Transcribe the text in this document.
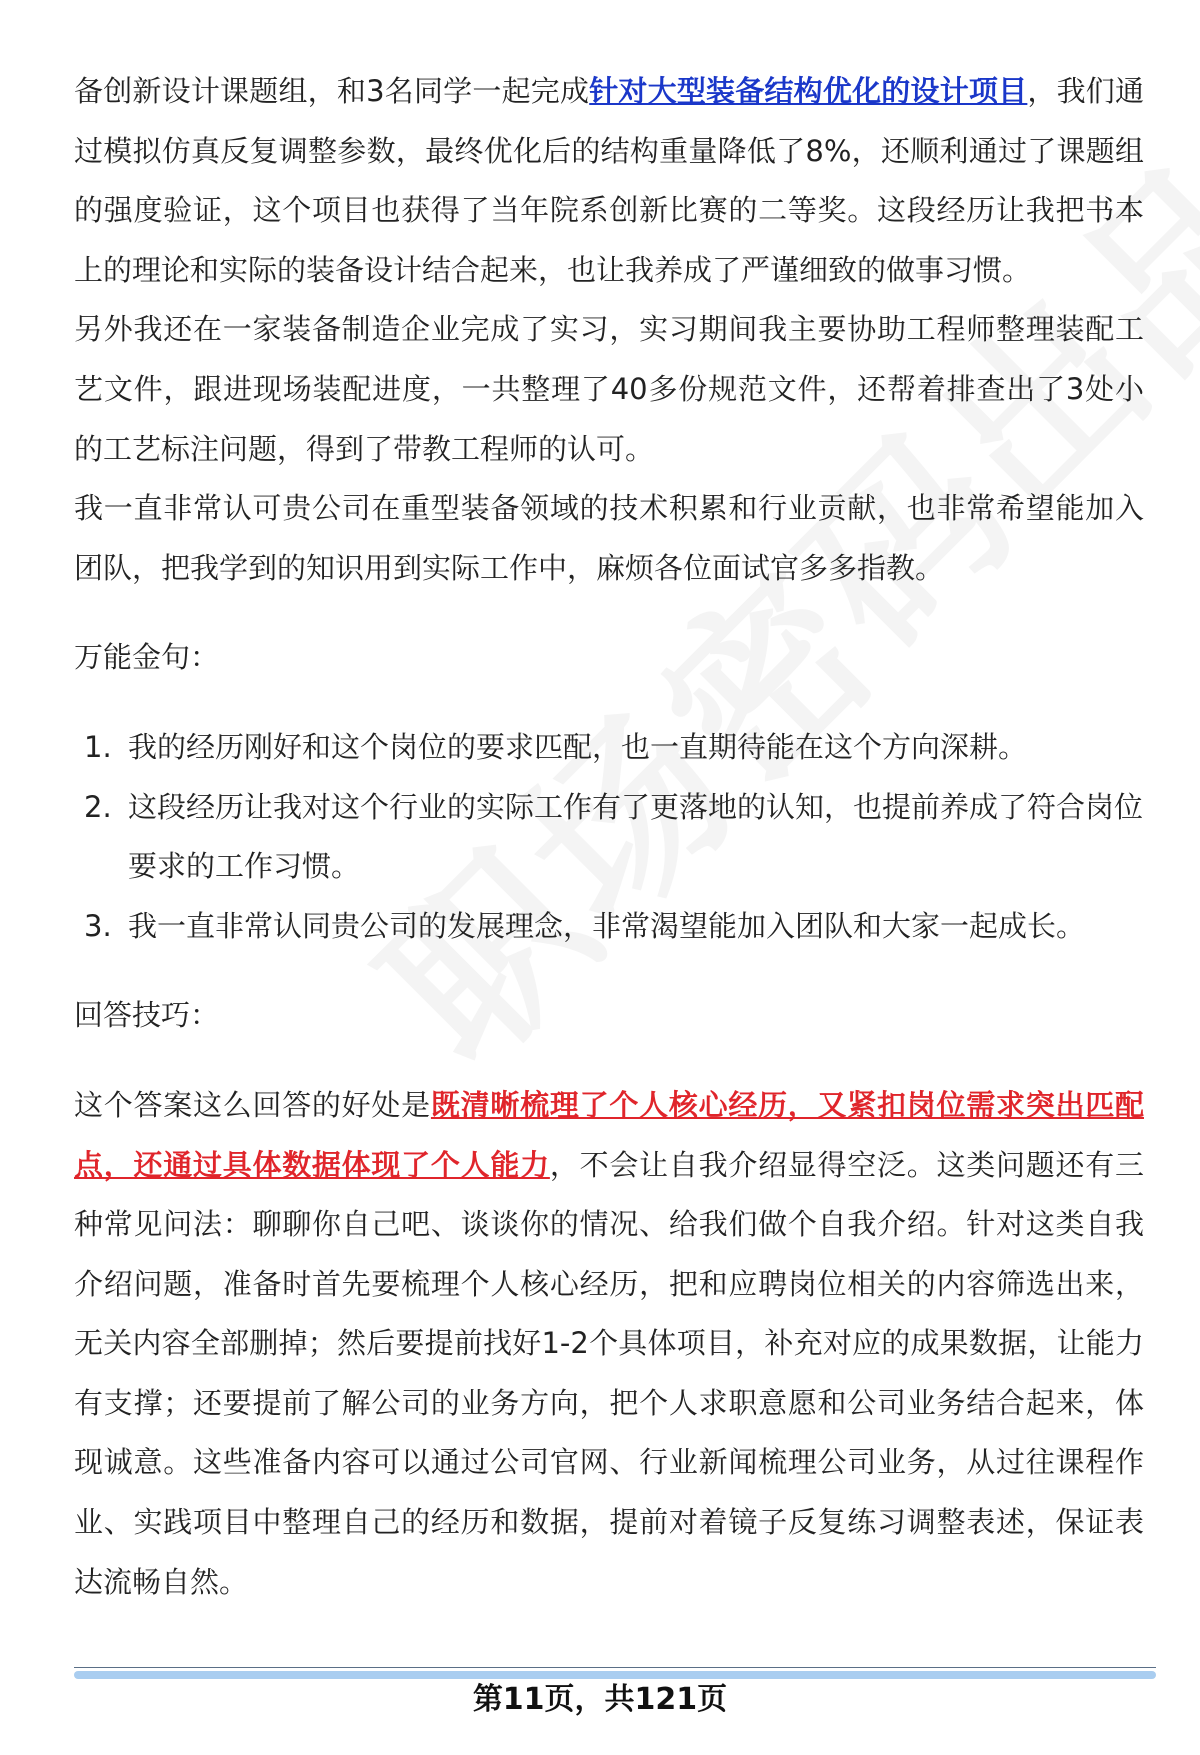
备创新设计课题组，和3名同学一起完成针对大型装备结构优化的设计项目，我们通过模拟仿真反复调整参数，最终优化后的结构重量降低了8%，还顺利通过了课题组的强度验证，这个项目也获得了当年院系创新比赛的二等奖。这段经历让我把书本上的理论和实际的装备设计结合起来，也让我养成了严谨细致的做事习惯。

另外我还在一家装备制造企业完成了实习，实习期间我主要协助工程师整理装配工艺文件，跟进现场装配进度，一共整理了40多份规范文件，还帮着排查出了3处小的工艺标注问题，得到了带教工程师的认可。

我一直非常认可贵公司在重型装备领域的技术积累和行业贡献，也非常希望能加入团队，把我学到的知识用到实际工作中，麻烦各位面试官多多指教。

万能金句：

1. 我的经历刚好和这个岗位的要求匹配，也一直期待能在这个方向深耕。
2. 这段经历让我对这个行业的实际工作有了更落地的认知，也提前养成了符合岗位要求的工作习惯。
3. 我一直非常认同贵公司的发展理念，非常渴望能加入团队和大家一起成长。

回答技巧：

这个答案这么回答的好处是既清晰梳理了个人核心经历，又紧扣岗位需求突出匹配点，还通过具体数据体现了个人能力，不会让自我介绍显得空泛。这类问题还有三种常见问法：聊聊你自己吧、谈谈你的情况、给我们做个自我介绍。针对这类自我介绍问题，准备时首先要梳理个人核心经历，把和应聘岗位相关的内容筛选出来，无关内容全部删掉；然后要提前找好1-2个具体项目，补充对应的成果数据，让能力有支撑；还要提前了解公司的业务方向，把个人求职意愿和公司业务结合起来，体现诚意。这些准备内容可以通过公司官网、行业新闻梳理公司业务，从过往课程作业、实践项目中整理自己的经历和数据，提前对着镜子反复练习调整表述，保证表达流畅自然。

第11页，共121页
